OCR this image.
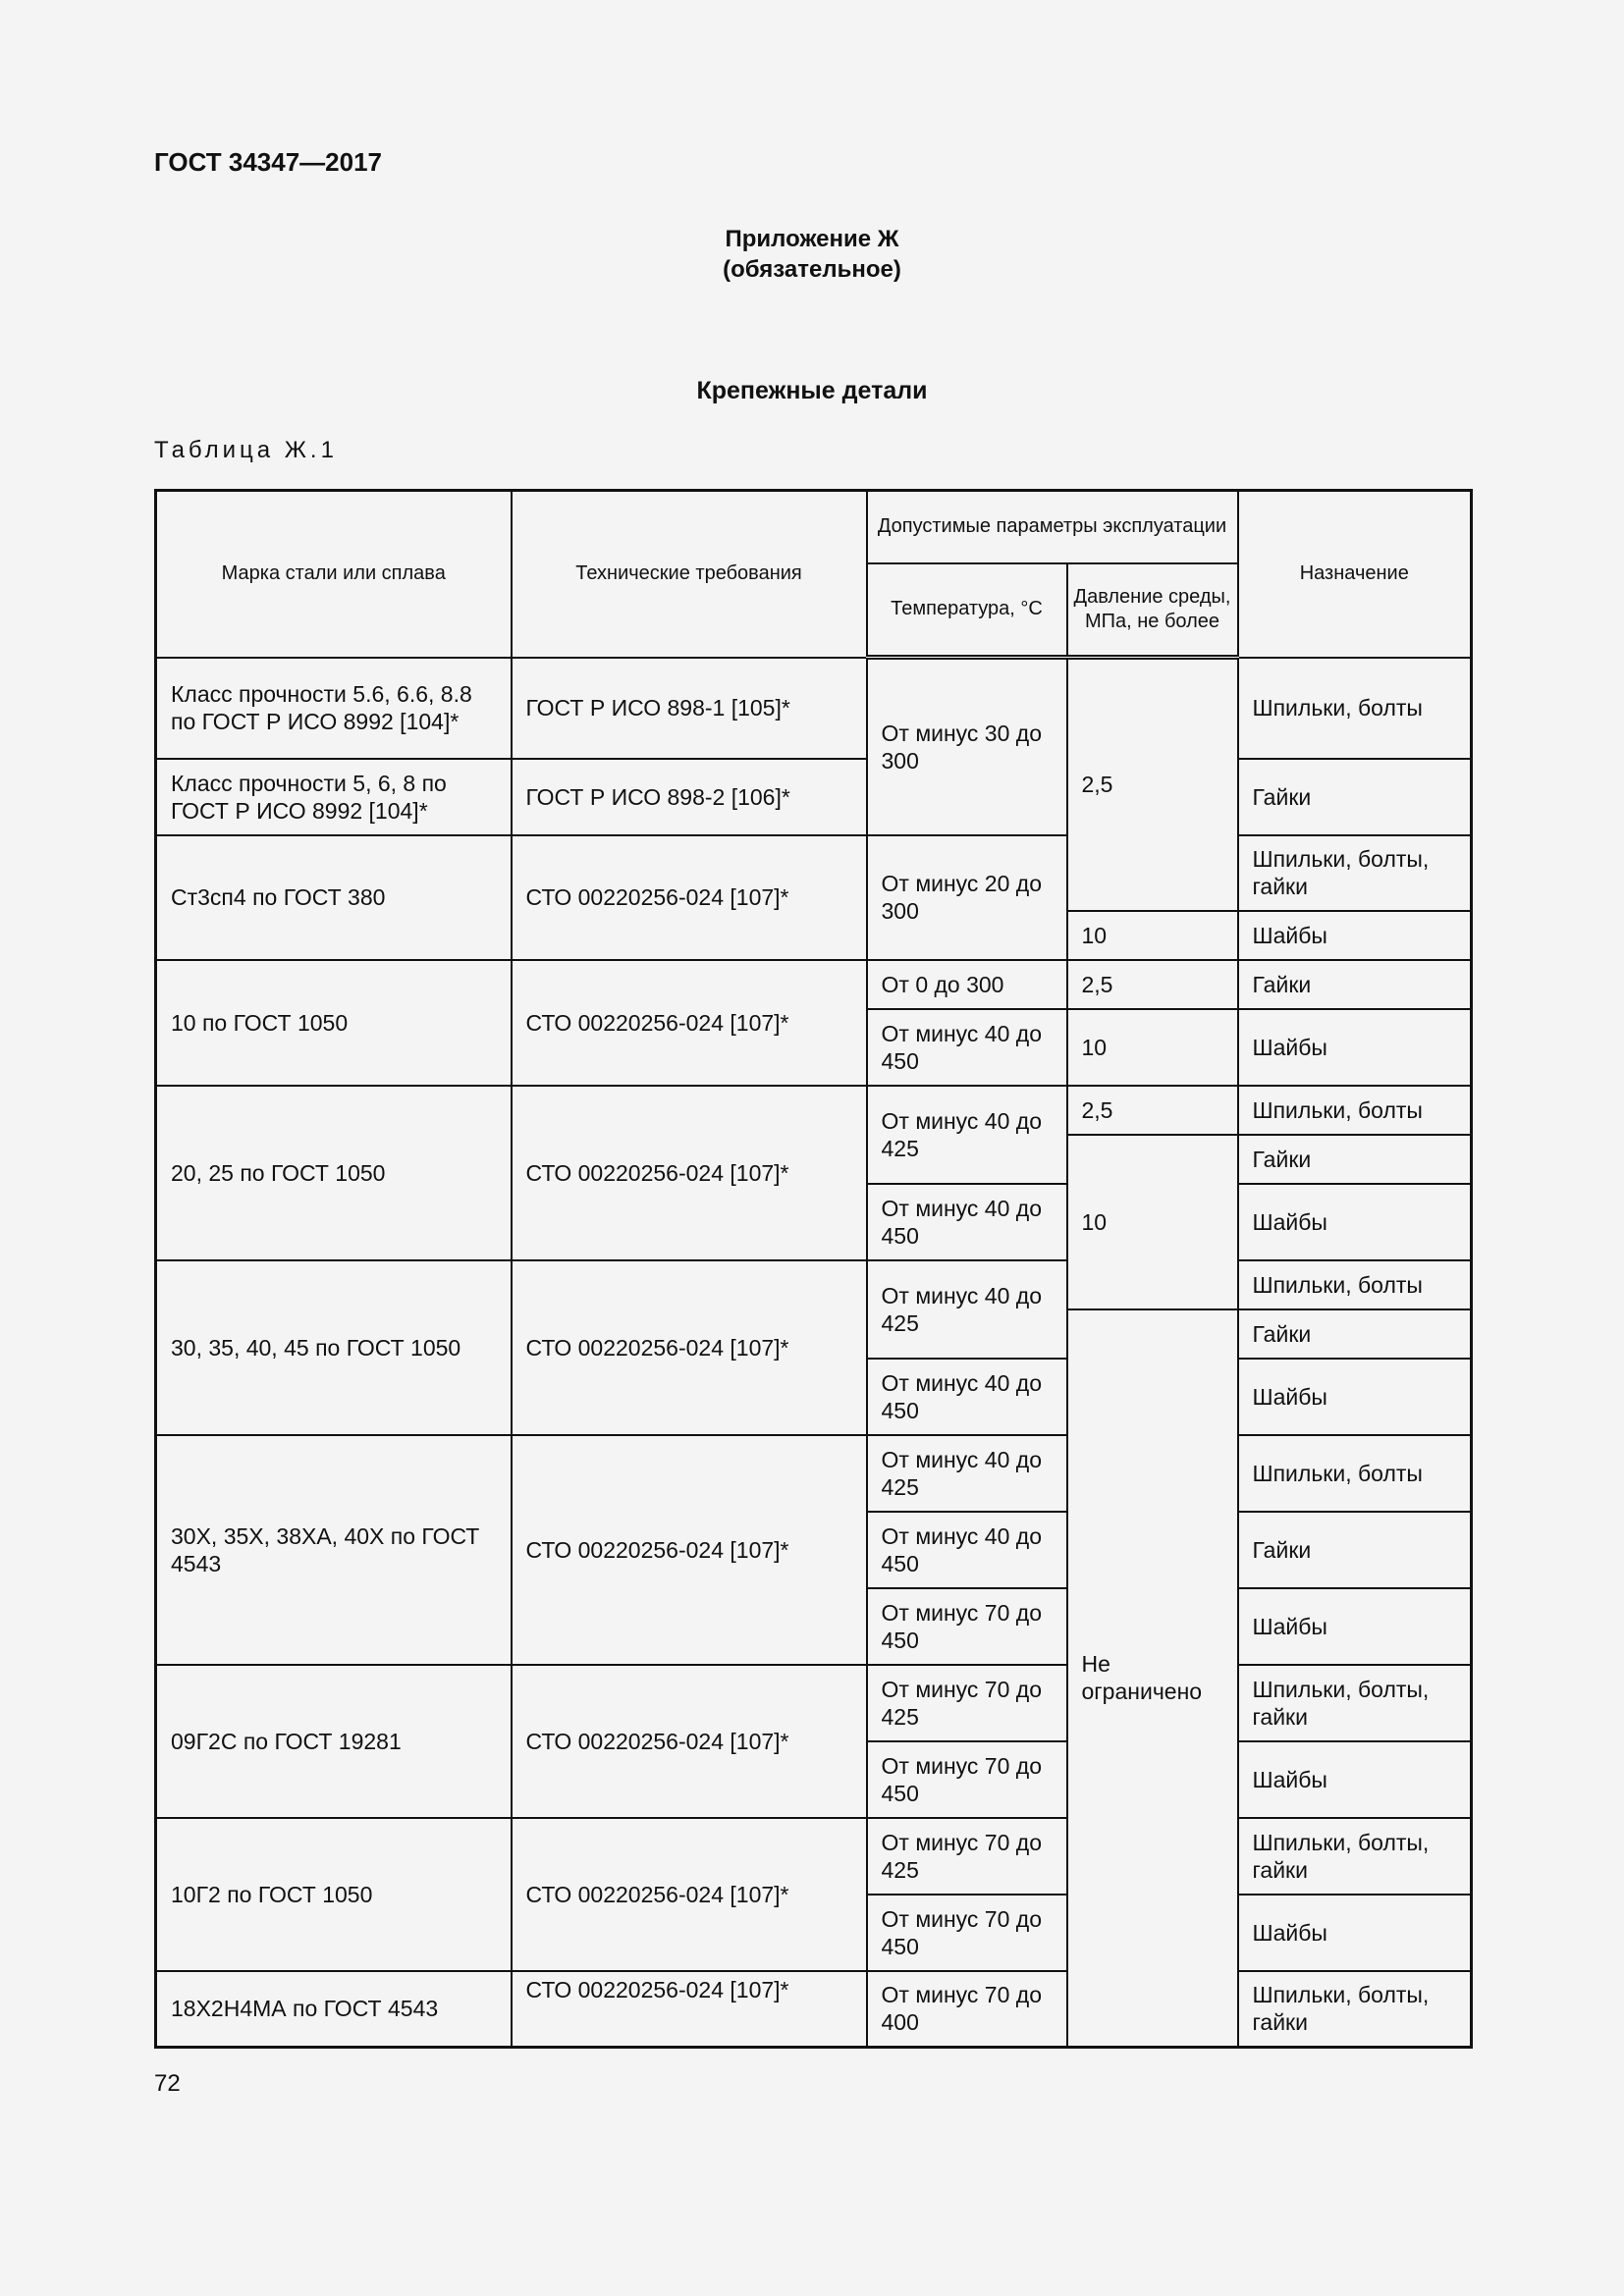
ГОСТ 34347—2017
Приложение Ж
(обязательное)
Крепежные детали
Таблица Ж.1
Марка стали или сплава	Технические требования	Допустимые параметры эксплуатации		Назначение
		Температура, °С	Давление среды, МПа, не более	
Класс прочности 5.6, 6.6, 8.8 по ГОСТ Р ИСО 8992 [104]*	ГОСТ Р ИСО 898-1 [105]*	От минус 30 до 300	2,5	Шпильки, болты
Класс прочности 5, 6, 8 по ГОСТ Р ИСО 8992 [104]*	ГОСТ Р ИСО 898-2 [106]*			Гайки
Ст3сп4 по ГОСТ 380	СТО 00220256-024 [107]*	От минус 20 до 300		Шпильки, болты, гайки
			10	Шайбы
10 по ГОСТ 1050	СТО 00220256-024 [107]*	От 0 до 300	2,5	Гайки
		От минус 40 до 450	10	Шайбы
20, 25 по ГОСТ 1050	СТО 00220256-024 [107]*	От минус 40 до 425	2,5	Шпильки, болты
			10	Гайки
		От минус 40 до 450		Шайбы
30, 35, 40, 45 по ГОСТ 1050	СТО 00220256-024 [107]*	От минус 40 до 425		Шпильки, болты
			Не ограничено	Гайки
		От минус 40 до 450		Шайбы
30Х, 35Х, 38ХА, 40Х по ГОСТ 4543	СТО 00220256-024 [107]*	От минус 40 до 425		Шпильки, болты
		От минус 40 до 450		Гайки
		От минус 70 до 450		Шайбы
09Г2С по ГОСТ 19281	СТО 00220256-024 [107]*	От минус 70 до 425		Шпильки, болты, гайки
		От минус 70 до 450		Шайбы
10Г2 по ГОСТ 1050	СТО 00220256-024 [107]*	От минус 70 до 425		Шпильки, болты, гайки
		От минус 70 до 450		Шайбы
18Х2Н4МА по ГОСТ 4543	СТО 00220256-024 [107]*	От минус 70 до 400		Шпильки, болты, гайки
72
